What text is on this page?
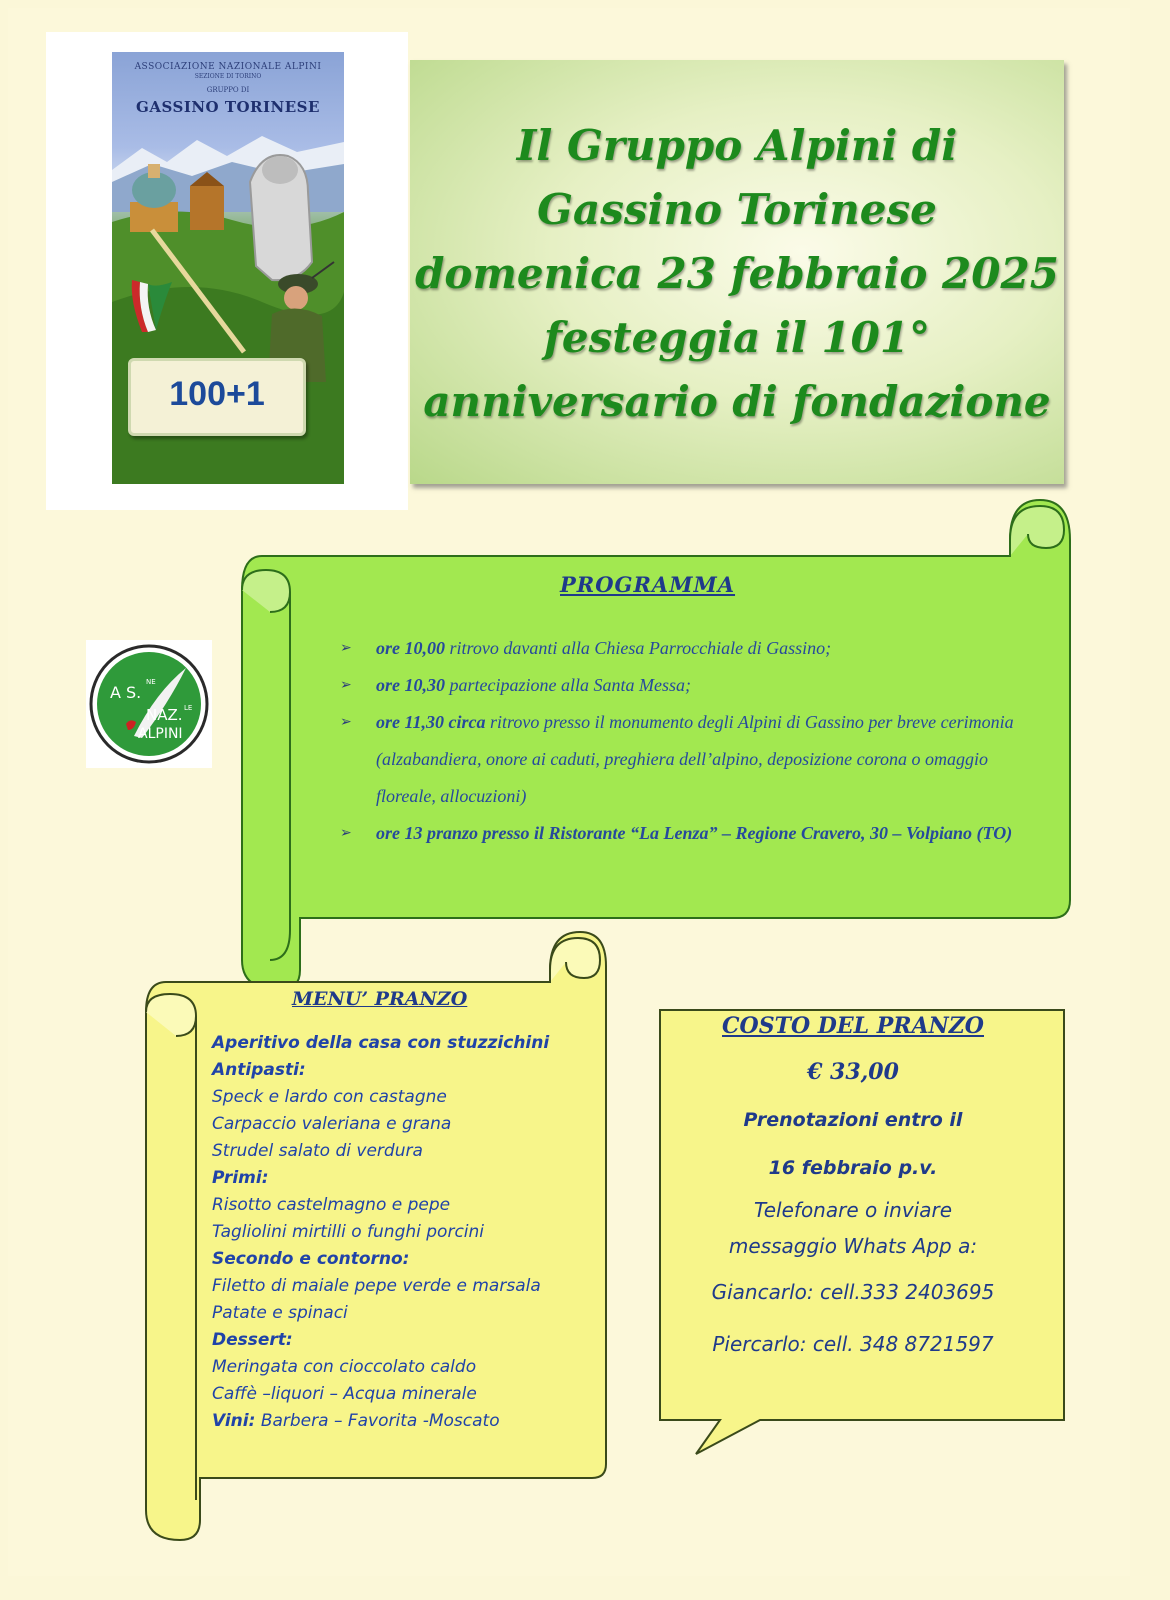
ASSOCIAZIONE NAZIONALE ALPINI
SEZIONE DI TORINO
GRUPPO DI
GASSINO TORINESE
100+1
Il Gruppo Alpini di
Gassino Torinese
domenica 23 febbraio 2025
festeggia il 101°
anniversario di fondazione
A S.
NE
NAZ. LE
ALPINI
PROGRAMMA
➢ ore 10,00 ritrovo davanti alla Chiesa Parrocchiale di Gassino;
➢ ore 10,30 partecipazione alla Santa Messa;
➢ ore 11,30 circa ritrovo presso il monumento degli Alpini di Gassino per breve cerimonia (alzabandiera, onore ai caduti, preghiera dell’alpino, deposizione corona o omaggio floreale, allocuzioni)
➢ ore 13 pranzo presso il Ristorante “La Lenza” – Regione Cravero, 30 – Volpiano (TO)
MENU’ PRANZO
Aperitivo della casa con stuzzichini
Antipasti:
Speck e lardo con castagne
Carpaccio valeriana e grana
Strudel salato di verdura
Primi:
Risotto castelmagno e pepe
Tagliolini mirtilli o funghi porcini
Secondo e contorno:
Filetto di maiale pepe verde e marsala
Patate e spinaci
Dessert:
Meringata con cioccolato caldo
Caffè –liquori – Acqua minerale
Vini: Barbera – Favorita -Moscato
COSTO DEL PRANZO
€ 33,00
Prenotazioni entro il
16 febbraio p.v.
Telefonare o inviare
messaggio Whats App a:
Giancarlo: cell.333 2403695
Piercarlo: cell. 348 8721597
